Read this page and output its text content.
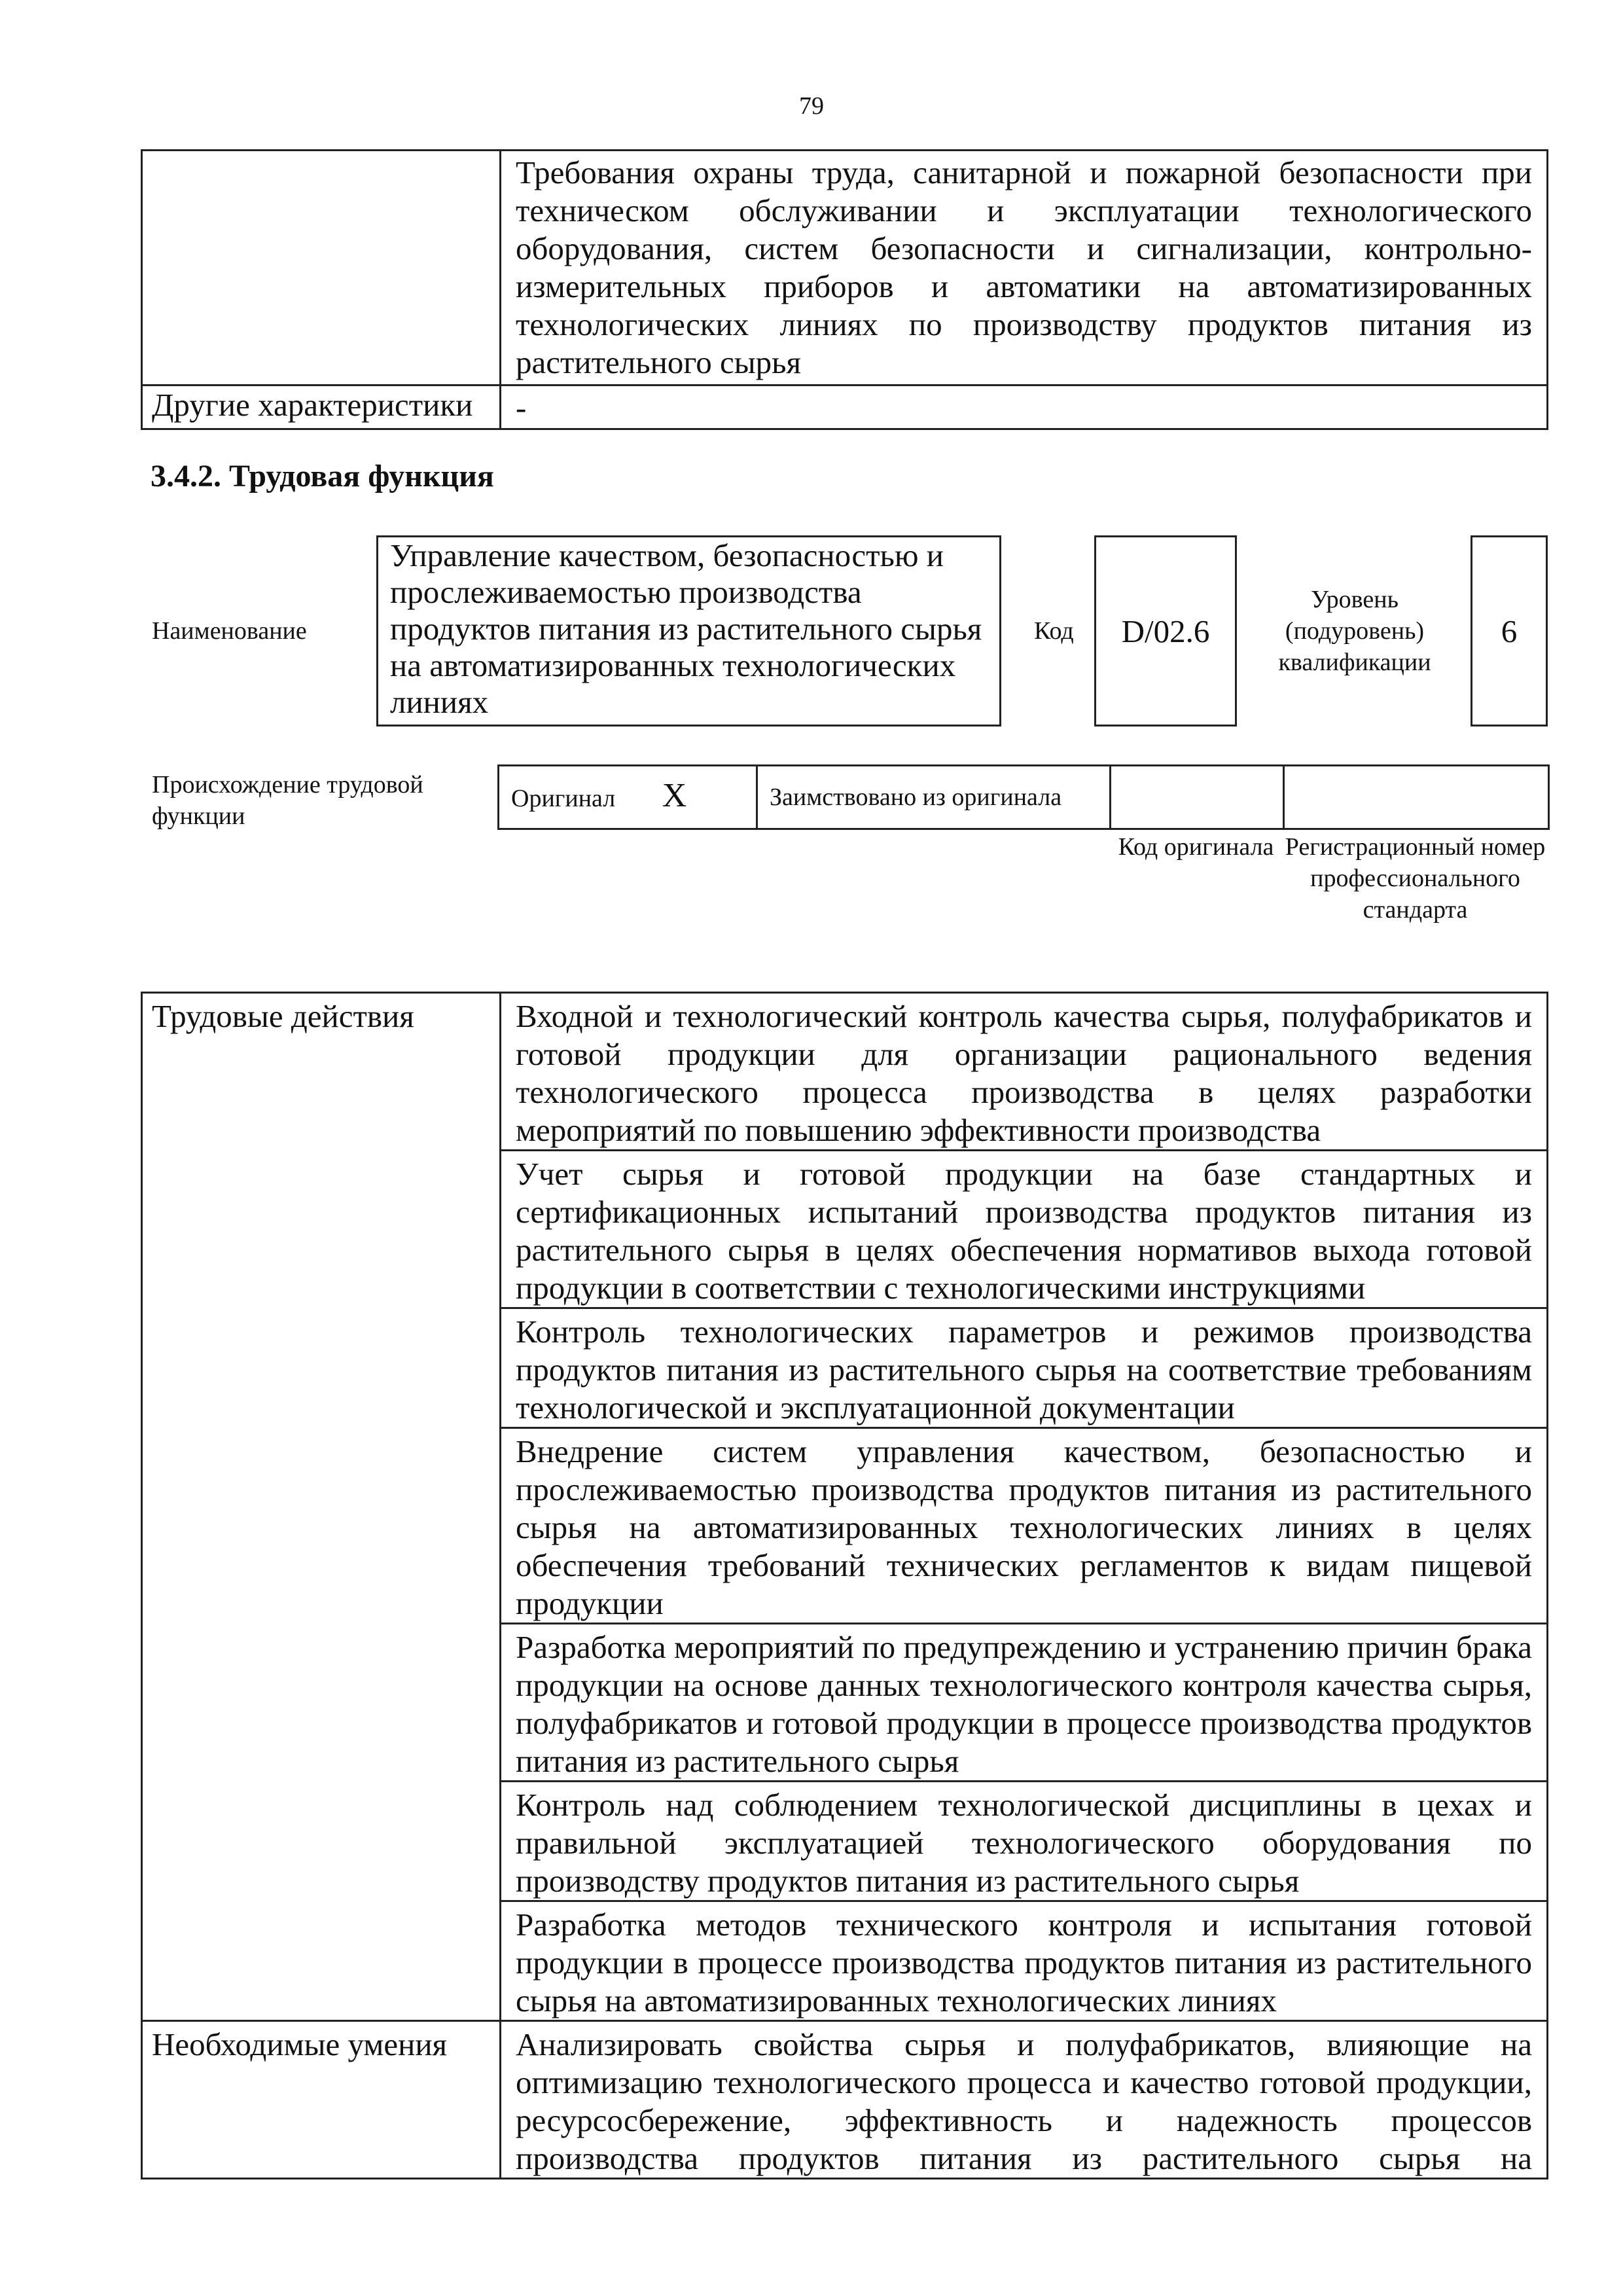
79
	Требования охраны труда, санитарной и пожарной безопасности при техническом обслуживании и эксплуатации технологического оборудования, систем безопасности и сигнализации, контрольно-измерительных приборов и автоматики на автоматизированных технологических линиях по производству продуктов питания из растительного сырья
Другие характеристики	-
3.4.2. Трудовая функция
Наименование
Управление качеством, безопасностью и прослеживаемостью производства продуктов питания из растительного сырья на автоматизированных технологических линиях
Код D/02.6
Уровень (подуровень) квалификации
6
Происхождение трудовой функции
Оригинал X	Заимствовано из оригинала		
Код оригинала Регистрационный номер профессионального стандарта
Трудовые действия	Входной и технологический контроль качества сырья, полуфабрикатов и готовой продукции для организации рационального ведения технологического процесса производства в целях разработки мероприятий по повышению эффективности производства
	Учет сырья и готовой продукции на базе стандартных и сертификационных испытаний производства продуктов питания из растительного сырья в целях обеспечения нормативов выхода готовой продукции в соответствии с технологическими инструкциями
	Контроль технологических параметров и режимов производства продуктов питания из растительного сырья на соответствие требованиям технологической и эксплуатационной документации
	Внедрение систем управления качеством, безопасностью и прослеживаемостью производства продуктов питания из растительного сырья на автоматизированных технологических линиях в целях обеспечения требований технических регламентов к видам пищевой продукции
	Разработка мероприятий по предупреждению и устранению причин брака продукции на основе данных технологического контроля качества сырья, полуфабрикатов и готовой продукции в процессе производства продуктов питания из растительного сырья
	Контроль над соблюдением технологической дисциплины в цехах и правильной эксплуатацией технологического оборудования по производству продуктов питания из растительного сырья
	Разработка методов технического контроля и испытания готовой продукции в процессе производства продуктов питания из растительного сырья на автоматизированных технологических линиях
Необходимые умения	Анализировать свойства сырья и полуфабрикатов, влияющие на оптимизацию технологического процесса и качество готовой продукции, ресурсосбережение, эффективность и надежность процессов производства продуктов питания из растительного сырья на
